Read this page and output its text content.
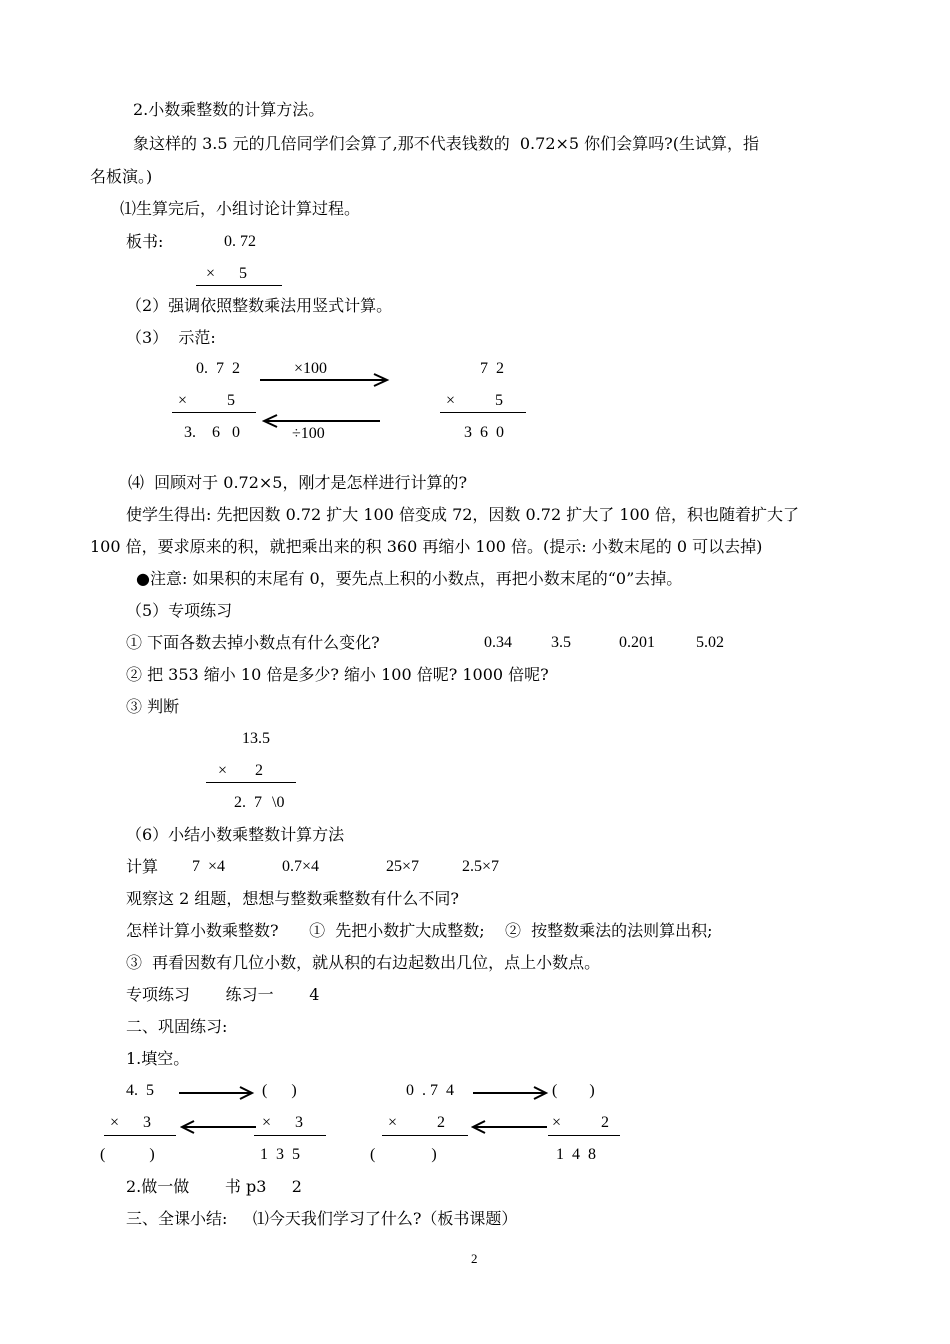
2.小数乘整数的计算方法。
象这样的 3.5 元的几倍同学们会算了,那不代表钱数的  0.72×5 你们会算吗?(生试算，指
名板演。)
⑴生算完后，小组讨论计算过程。
板书:	0. 72
×      5
（2）强调依照整数乘法用竖式计算。
（3）  示范:
0.  7  2
×          5
3.    6   0
×100
÷100
7  2
×          5
3  6  0
⑷  回顾对于 0.72×5，刚才是怎样进行计算的?
使学生得出: 先把因数 0.72 扩大 100 倍变成 72，因数 0.72 扩大了 100 倍，积也随着扩大了
100 倍，要求原来的积，就把乘出来的积 360 再缩小 100 倍。(提示: 小数末尾的 0 可以去掉)
●注意: 如果积的末尾有 0，要先点上积的小数点，再把小数末尾的“0”去掉。
（5）专项练习
① 下面各数去掉小数点有什么变化?	0.34 3.5	0.201	5.02
② 把 353 缩小 10 倍是多少? 缩小 100 倍呢? 1000 倍呢?
③ 判断
13.5
×       2
2.  7 \0
（6）小结小数乘整数计算方法
计算 7  ×4	0.7×4	25×7	2.5×7
观察这 2 组题，想想与整数乘整数有什么不同?
怎样计算小数乘整数?      ①  先把小数扩大成整数;    ②  按整数乘法的法则算出积;
③  再看因数有几位小数，就从积的右边起数出几位，点上小数点。
专项练习       练习一       4
二、巩固练习:
1.填空。
4.  5	(      )
×      3	×      3
(           )	1  3  5
0  . 7  4	(        )
×          2	×          2
(              )	1  4  8
2.做一做       书 p3     2
三、全课小结:     ⑴今天我们学习了什么?（板书课题）
2
